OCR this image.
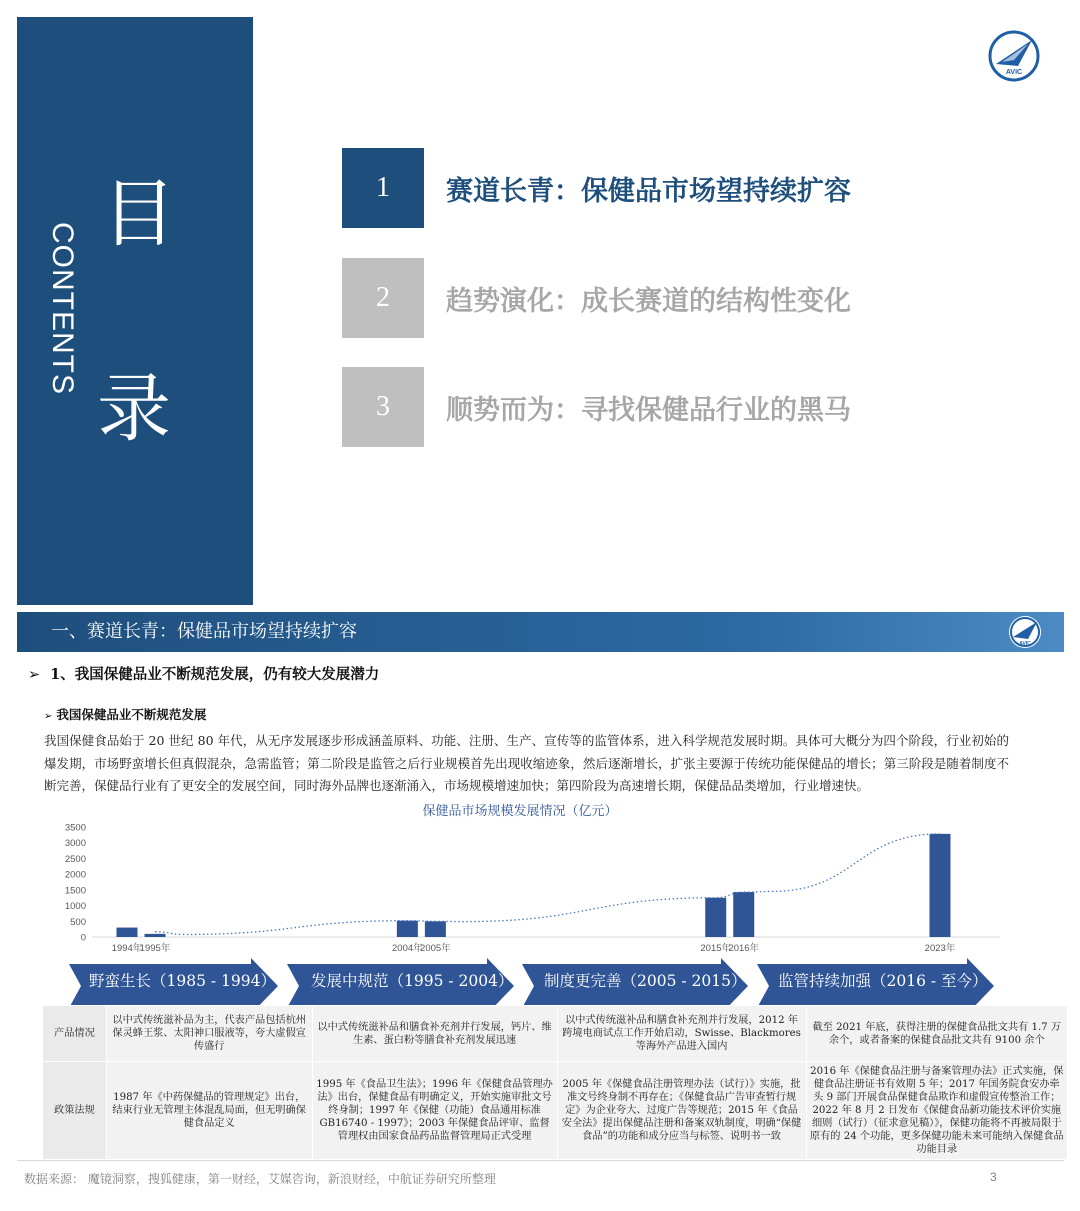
目
CONTENTS
录
AVIC
1	赛道长青：保健品市场望持续扩容
2	趋势演化：成长赛道的结构性变化
3	顺势而为：寻找保健品行业的黑马
一、赛道长青：保健品市场望持续扩容
AVIC
➢ 1、我国保健品业不断规范发展，仍有较大发展潜力
➢ 我国保健品业不断规范发展
我国保健食品始于 20 世纪 80 年代，从无序发展逐步形成涵盖原料、功能、注册、生产、宣传等的监管体系，进入科学规范发展时期。具体可大概分为四个阶段，行业初始的爆发期，市场野蛮增长但真假混杂，急需监管；第二阶段是监管之后行业规模首先出现收缩迹象，然后逐渐增长，扩张主要源于传统功能保健品的增长；第三阶段是随着制度不断完善，保健品行业有了更安全的发展空间，同时海外品牌也逐渐涌入，市场规模增速加快；第四阶段为高速增长期，保健品品类增加，行业增速快。
保健品市场规模发展情况（亿元）
0
500
1000
1500
2000
2500
3000
3500
1994年
1995年	2004年
2005年	2015年
2016年	2023年
野蛮生长（1985 - 1994） 发展中规范（1995 - 2004） 制度更完善（2005 - 2015） 监管持续加强（2016 - 至今）
产品情况	以中式传统滋补品为主，代表产品包括杭州保灵蜂王浆、太阳神口服液等，夸大虚假宣传盛行	以中式传统滋补品和膳食补充剂并行发展，钙片、维生素、蛋白粉等膳食补充剂发展迅速	以中式传统滋补品和膳食补充剂并行发展，2012 年跨境电商试点工作开始启动，Swisse、Blackmores 等海外产品进入国内	截至 2021 年底，获得注册的保健食品批文共有 1.7 万余个，或者备案的保健食品批文共有 9100 余个
政策法规	1987 年《中药保健品的管理规定》出台，结束行业无管理主体混乱局面，但无明确保健食品定义	1995 年《食品卫生法》；1996 年《保健食品管理办法》出台，保健食品有明确定义，开始实施审批文号终身制；1997 年《保健（功能）食品通用标准 GB16740 - 1997》；2003 年保健食品评审、监督管理权由国家食品药品监督管理局正式受理	2005 年《保健食品注册管理办法（试行）》实施，批准文号终身制不再存在；《保健食品广告审查暂行规定》为企业夸大、过度广告等规范；2015 年《食品安全法》提出保健品注册和备案双轨制度，明确“保健食品”的功能和成分应当与标签、说明书一致	2016 年《保健食品注册与备案管理办法》正式实施，保健食品注册证书有效期 5 年；2017 年国务院食安办牵头 9 部门开展食品保健食品欺诈和虚假宣传整治工作；2022 年 8 月 2 日发布《保健食品新功能技术评价实施细则（试行）（征求意见稿）》，保健功能将不再被局限于原有的 24 个功能，更多保健功能未来可能纳入保健食品功能目录
数据来源： 魔镜洞察，搜狐健康，第一财经，艾媒咨询，新浪财经，中航证券研究所整理	3
